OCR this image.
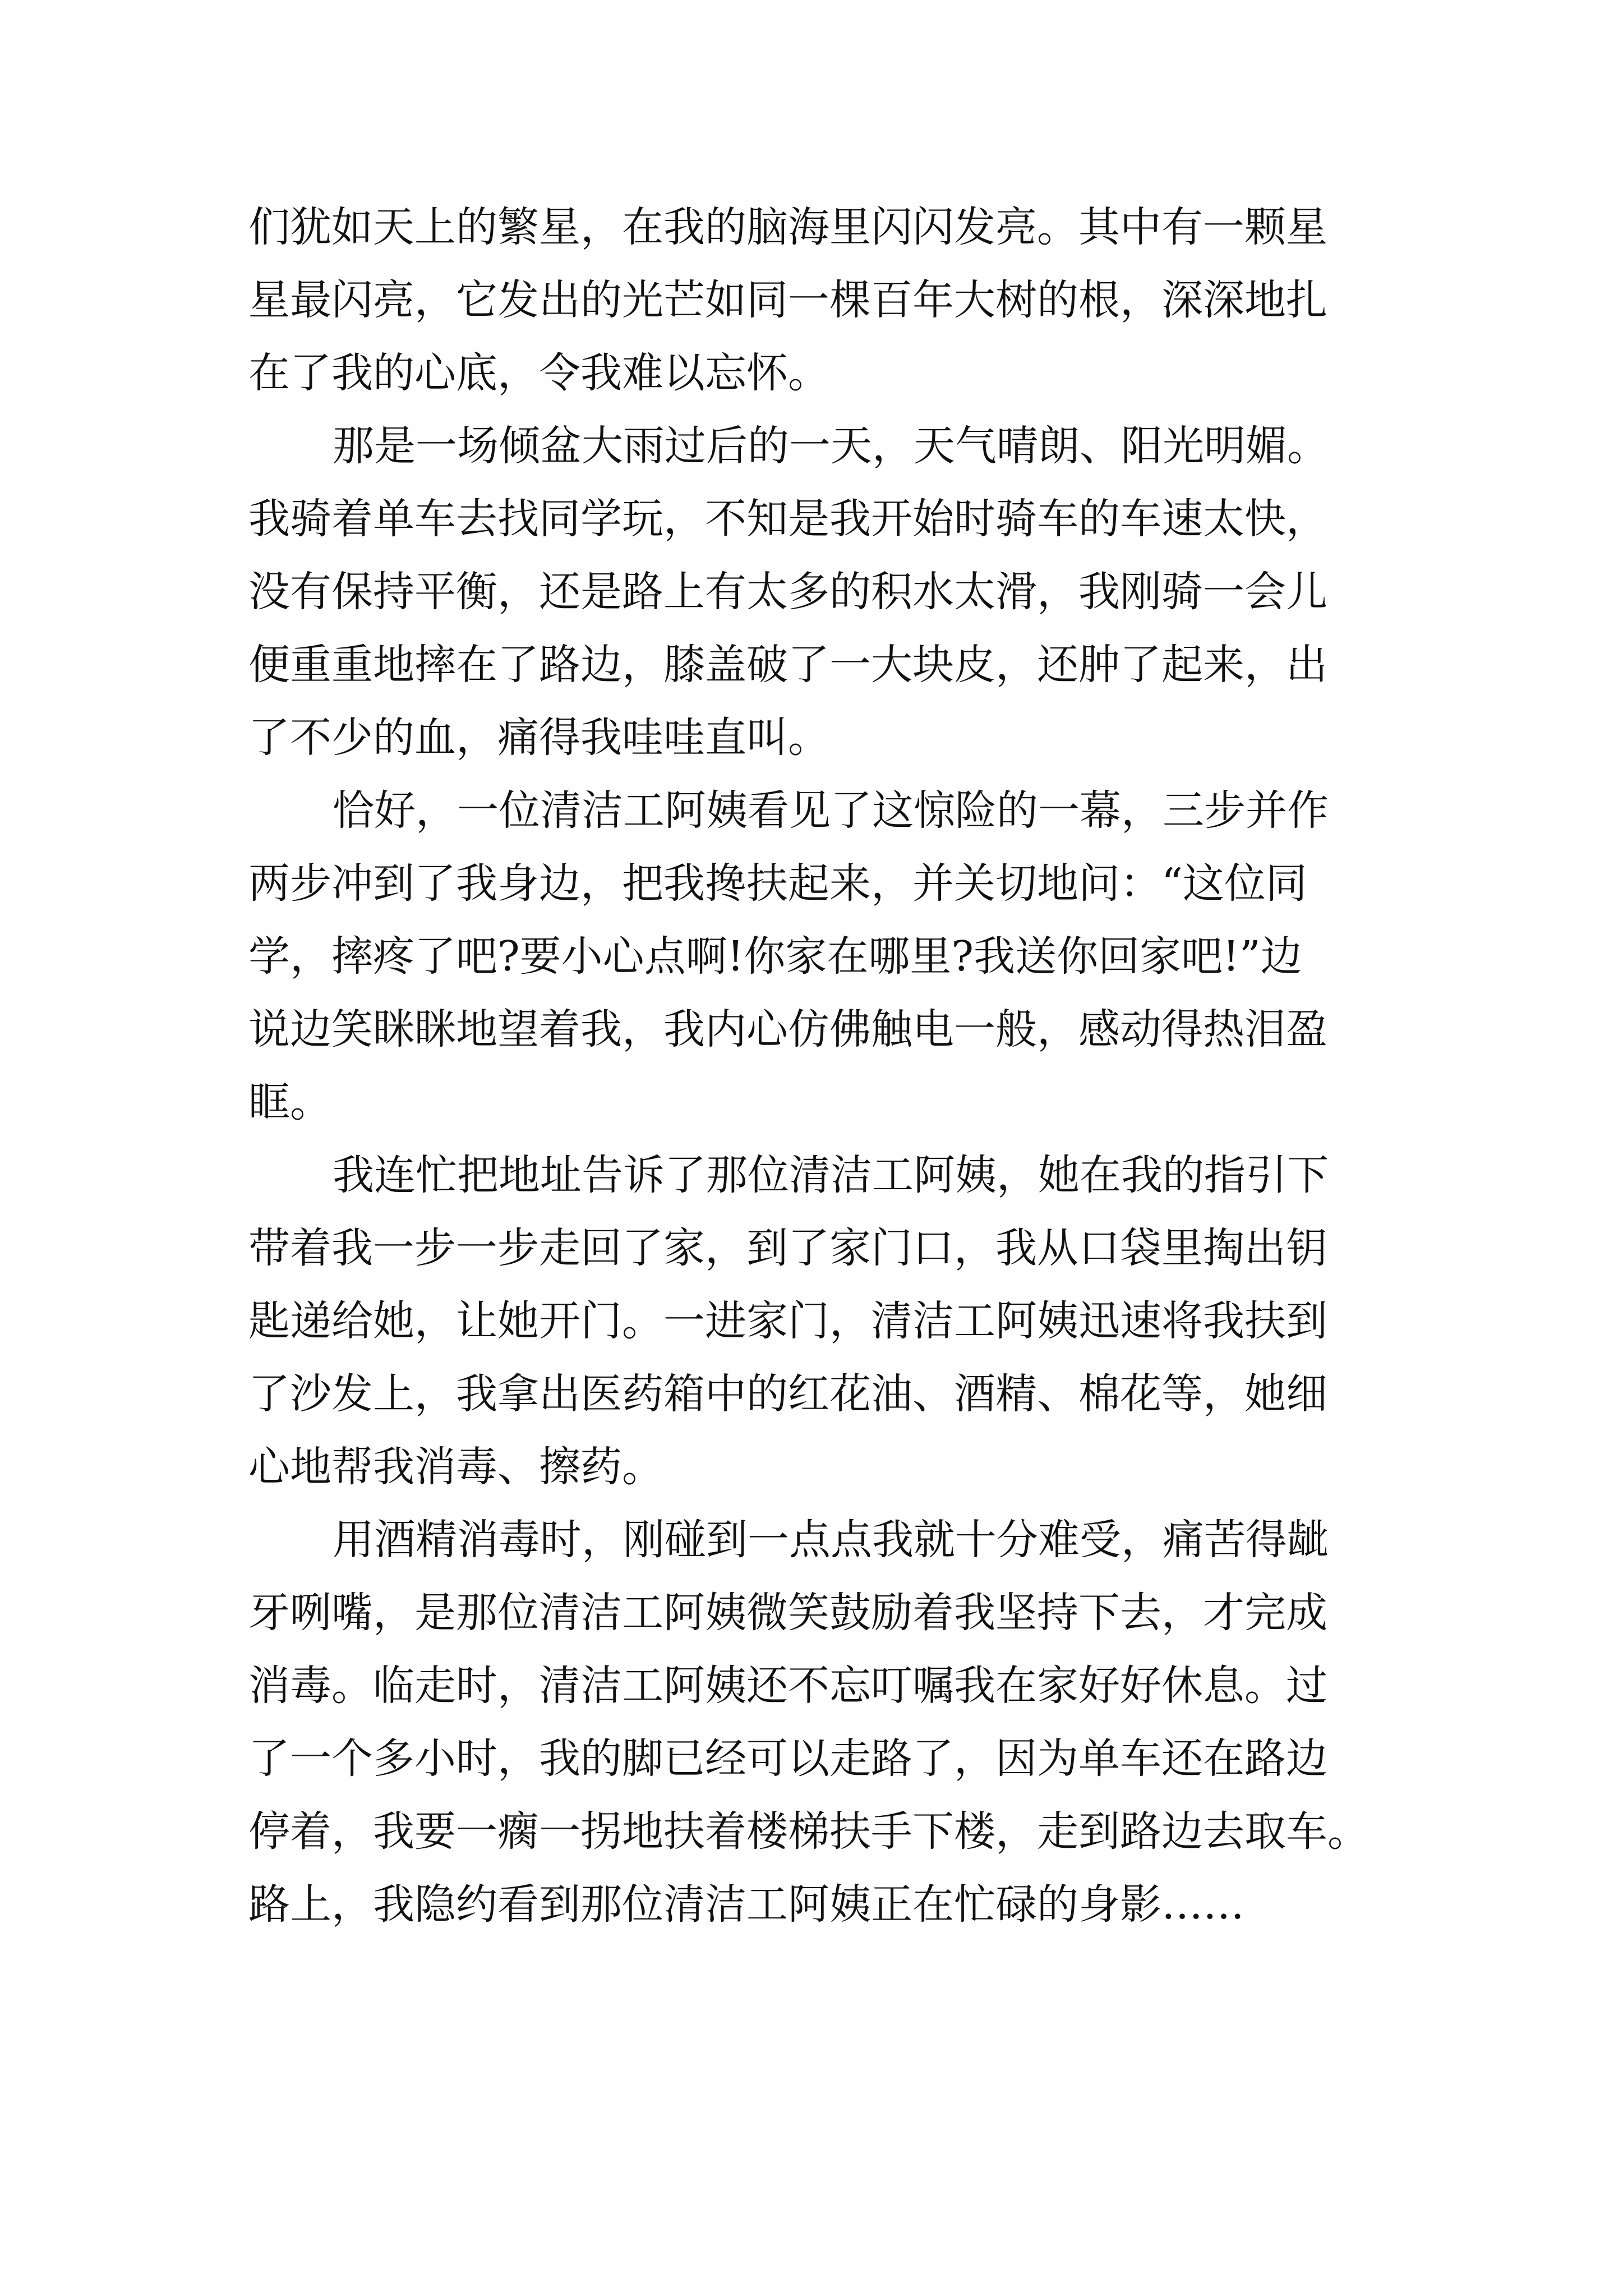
们犹如天上的繁星，在我的脑海里闪闪发亮。其中有一颗星
星最闪亮，它发出的光芒如同一棵百年大树的根，深深地扎
在了我的心底，令我难以忘怀。
那是一场倾盆大雨过后的一天，天气晴朗、阳光明媚。
我骑着单车去找同学玩，不知是我开始时骑车的车速太快，
没有保持平衡，还是路上有太多的积水太滑，我刚骑一会儿
便重重地摔在了路边，膝盖破了一大块皮，还肿了起来，出
了不少的血，痛得我哇哇直叫。
恰好，一位清洁工阿姨看见了这惊险的一幕，三步并作
两步冲到了我身边，把我搀扶起来，并关切地问：“这位同
学，摔疼了吧?要小心点啊!你家在哪里?我送你回家吧!”边
说边笑眯眯地望着我，我内心仿佛触电一般，感动得热泪盈
眶。
我连忙把地址告诉了那位清洁工阿姨，她在我的指引下
带着我一步一步走回了家，到了家门口，我从口袋里掏出钥
匙递给她，让她开门。一进家门，清洁工阿姨迅速将我扶到
了沙发上，我拿出医药箱中的红花油、酒精、棉花等，她细
心地帮我消毒、擦药。
用酒精消毒时，刚碰到一点点我就十分难受，痛苦得龇
牙咧嘴，是那位清洁工阿姨微笑鼓励着我坚持下去，才完成
消毒。临走时，清洁工阿姨还不忘叮嘱我在家好好休息。过
了一个多小时，我的脚已经可以走路了，因为单车还在路边
停着，我要一瘸一拐地扶着楼梯扶手下楼，走到路边去取车。
路上，我隐约看到那位清洁工阿姨正在忙碌的身影……
